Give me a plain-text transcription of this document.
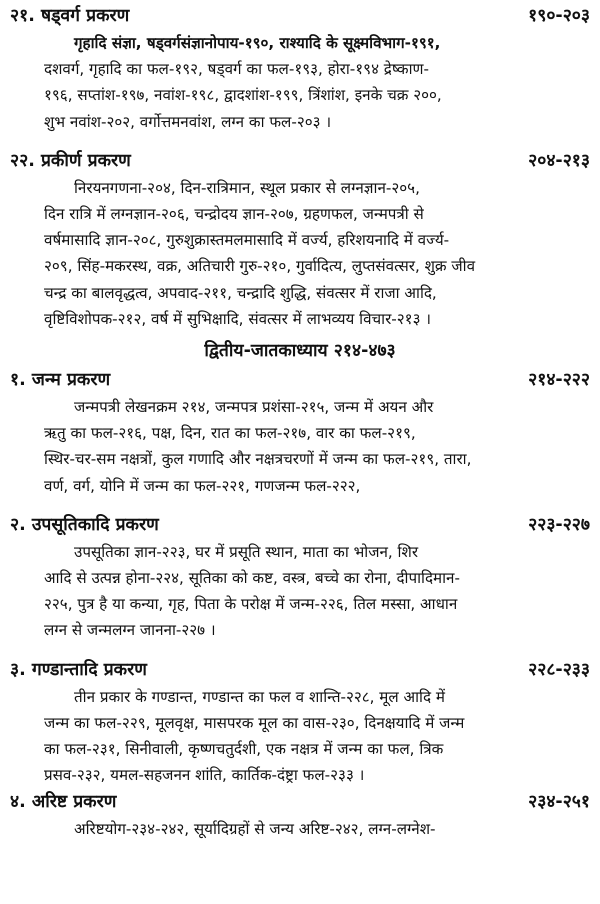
२१. षड्वर्ग प्रकरण	१९०-२०३
गृहादि संज्ञा, षड्वर्गसंज्ञानोपाय-१९०, राश्यादि के सूक्ष्मविभाग-१९१,
दशवर्ग, गृहादि का फल-१९२, षड्वर्ग का फल-१९३, होरा-१९४ द्रेष्काण-
१९६, सप्तांश-१९७, नवांश-१९८, द्वादशांश-१९९, त्रिंशांश, इनके चक्र २००,
शुभ नवांश-२०२, वर्गोत्तमनवांश, लग्न का फल-२०३ ।
२२. प्रकीर्ण प्रकरण	२०४-२१३
निरयनगणना-२०४, दिन-रात्रिमान, स्थूल प्रकार से लग्नज्ञान-२०५,
दिन रात्रि में लग्नज्ञान-२०६, चन्द्रोदय ज्ञान-२०७, ग्रहणफल, जन्मपत्री से
वर्षमासादि ज्ञान-२०८, गुरुशुक्रास्तमलमासादि में वर्ज्य, हरिशयनादि में वर्ज्य-
२०९, सिंह-मकरस्थ, वक्र, अतिचारी गुरु-२१०, गुर्वादित्य, लुप्तसंवत्सर, शुक्र जीव
चन्द्र का बालवृद्धत्व, अपवाद-२११, चन्द्रादि शुद्धि, संवत्सर में राजा आदि,
वृष्टिविशोपक-२१२, वर्ष में सुभिक्षादि, संवत्सर में लाभव्यय विचार-२१३ ।
द्वितीय-जातकाध्याय २१४-४७३
१. जन्म प्रकरण	२१४-२२२
जन्मपत्री लेखनक्रम २१४, जन्मपत्र प्रशंसा-२१५, जन्म में अयन और
ऋतु का फल-२१६, पक्ष, दिन, रात का फल-२१७, वार का फल-२१९,
स्थिर-चर-सम नक्षत्रों, कुल गणादि और नक्षत्रचरणों में जन्म का फल-२१९, तारा,
वर्ण, वर्ग, योनि में जन्म का फल-२२१, गणजन्म फल-२२२,
२. उपसूतिकादि प्रकरण	२२३-२२७
उपसूतिका ज्ञान-२२३, घर में प्रसूति स्थान, माता का भोजन, शिर
आदि से उत्पन्न होना-२२४, सूतिका को कष्ट, वस्त्र, बच्चे का रोना, दीपादिमान-
२२५, पुत्र है या कन्या, गृह, पिता के परोक्ष में जन्म-२२६, तिल मस्सा, आधान
लग्न से जन्मलग्न जानना-२२७ ।
३. गण्डान्तादि प्रकरण	२२८-२३३
तीन प्रकार के गण्डान्त, गण्डान्त का फल व शान्ति-२२८, मूल आदि में
जन्म का फल-२२९, मूलवृक्ष, मासपरक मूल का वास-२३०, दिनक्षयादि में जन्म
का फल-२३१, सिनीवाली, कृष्णचतुर्दशी, एक नक्षत्र में जन्म का फल, त्रिक
प्रसव-२३२, यमल-सहजनन शांति, कार्तिक-दंष्ट्रा फल-२३३ ।
४. अरिष्ट प्रकरण	२३४-२५१
अरिष्टयोग-२३४-२४२, सूर्यादिग्रहों से जन्य अरिष्ट-२४२, लग्न-लग्नेश-
